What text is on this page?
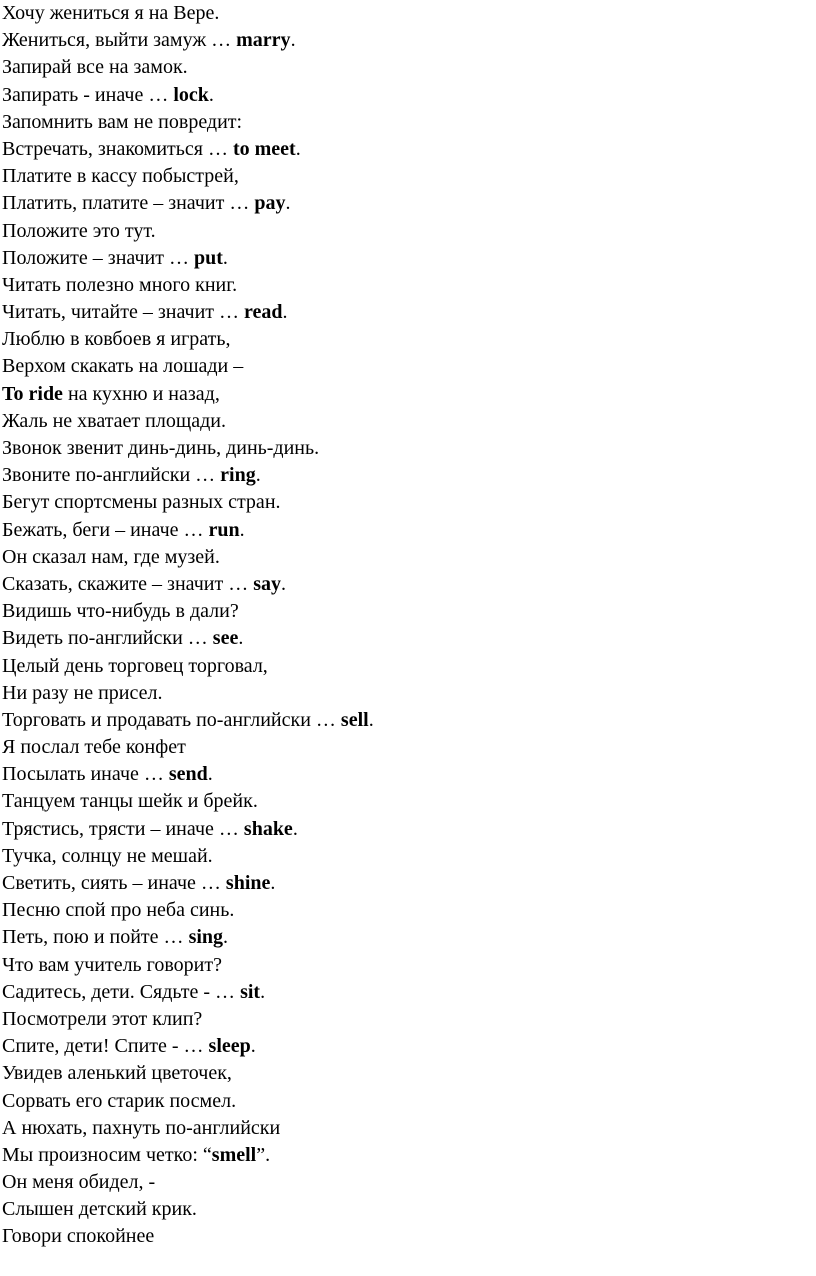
Хочу жениться я на Вере.

Жениться, выйти замуж … marry.

Запирай все на замок.

Запирать - иначе … lock.

Запомнить вам не повредит:

Встречать, знакомиться … to meet.

Платите в кассу побыстрей,

Платить, платите – значит … pay.

Положите это тут.

Положите – значит … put.

Читать полезно много книг.

Читать, читайте – значит … read.

Люблю в ковбоев я играть,

Верхом скакать на лошади –

To ride на кухню и назад,

Жаль не хватает площади.

Звонок звенит динь-динь, динь-динь.

Звоните по-английски … ring.

Бегут спортсмены разных стран.

Бежать, беги – иначе … run.

Он сказал нам, где музей.

Сказать, скажите – значит … say.

Видишь что-нибудь в дали?

Видеть по-английски … see.

Целый день торговец торговал,

Ни разу не присел.

Торговать и продавать по-английски … sell.

Я послал тебе конфет

Посылать иначе … send.

Танцуем танцы шейк и брейк.

Трястись, трясти – иначе … shake.

Тучка, солнцу не мешай.

Светить, сиять – иначе … shine.

Песню спой про неба синь.

Петь, пою и пойте … sing.

Что вам учитель говорит?

Садитесь, дети. Сядьте - … sit.

Посмотрели этот клип?

Спите, дети! Спите - … sleep.

Увидев аленький цветочек,

Сорвать его старик посмел.

А нюхать, пахнуть по-английски

Мы произносим четко: “smell”.

Он меня обидел, -

Слышен детский крик.

Говори спокойнее
